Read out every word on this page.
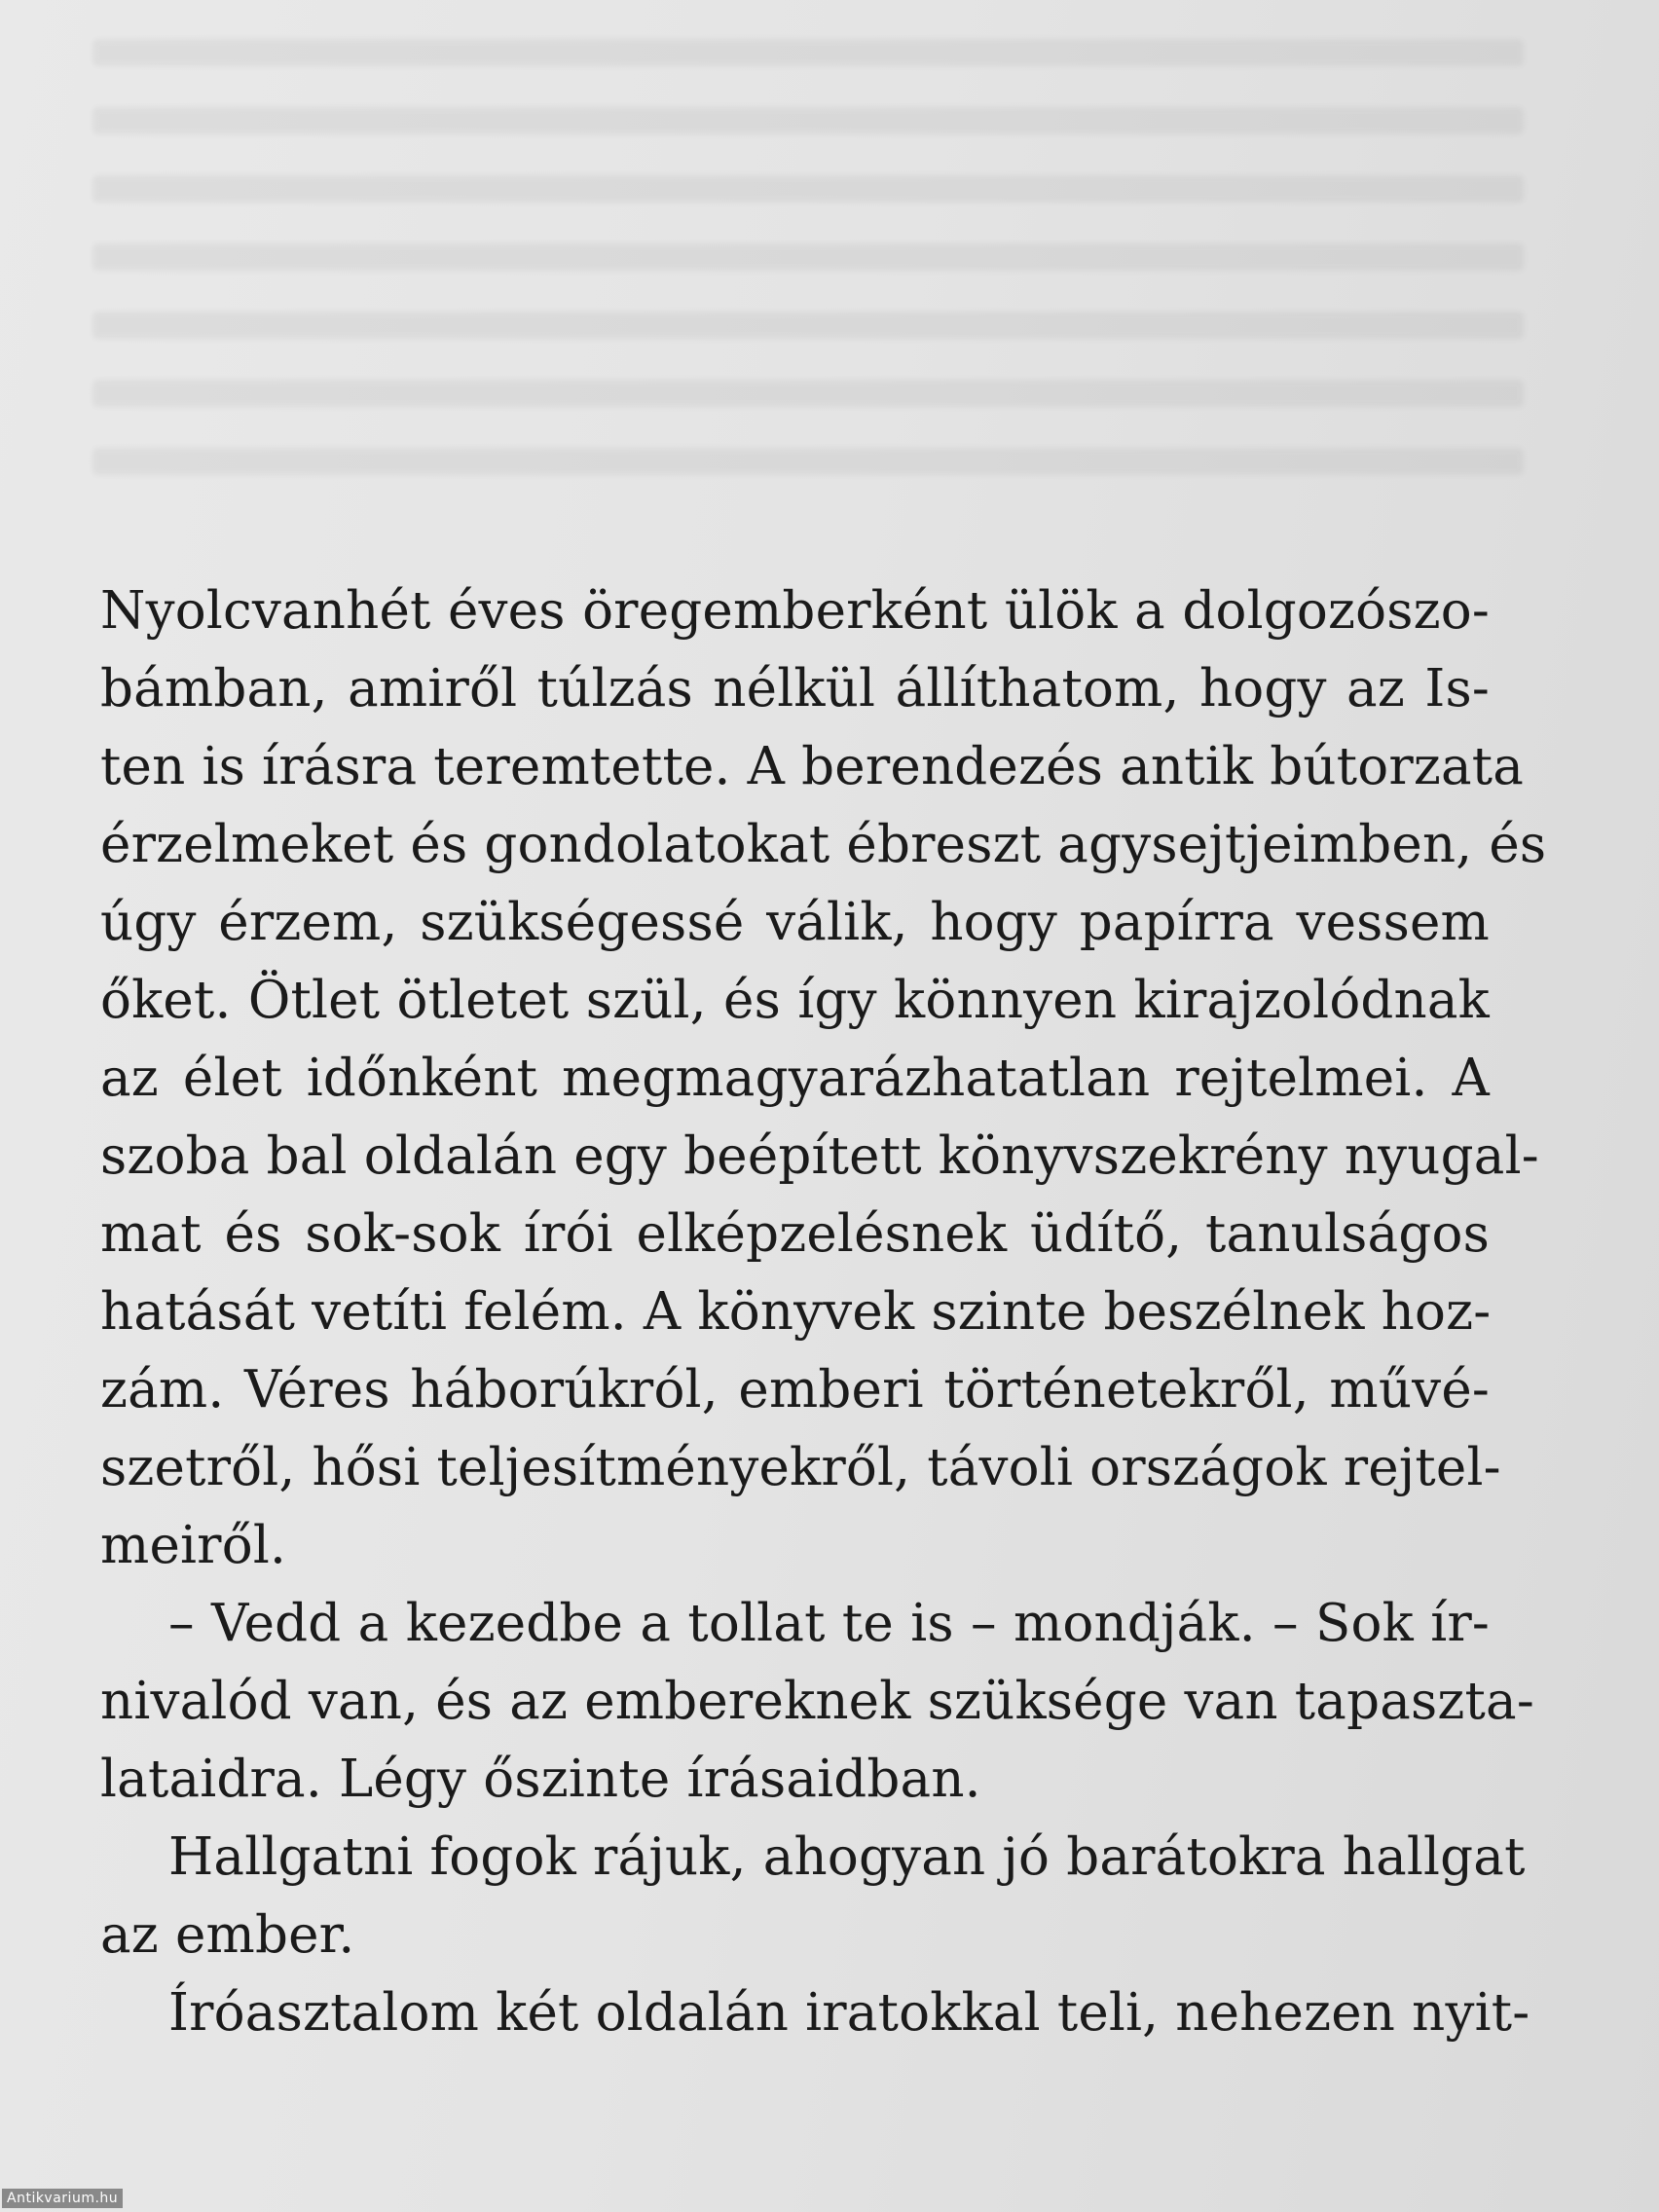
Nyolcvanhét éves öregemberként ülök a dolgozószo-
bámban, amiről túlzás nélkül állíthatom, hogy az Is-
ten is írásra teremtette. A berendezés antik bútorzata
érzelmeket és gondolatokat ébreszt agysejtjeimben, és
úgy érzem, szükségessé válik, hogy papírra vessem
őket. Ötlet ötletet szül, és így könnyen kirajzolódnak
az élet időnként megmagyarázhatatlan rejtelmei. A
szoba bal oldalán egy beépített könyvszekrény nyugal-
mat és sok-sok írói elképzelésnek üdítő, tanulságos
hatását vetíti felém. A könyvek szinte beszélnek hoz-
zám. Véres háborúkról, emberi történetekről, művé-
szetről, hősi teljesítményekről, távoli országok rejtel-
meiről.
– Vedd a kezedbe a tollat te is – mondják. – Sok ír-
nivalód van, és az embereknek szüksége van tapaszta-
lataidra. Légy őszinte írásaidban.
Hallgatni fogok rájuk, ahogyan jó barátokra hallgat
az ember.
Íróasztalom két oldalán iratokkal teli, nehezen nyit-
Antikvarium.hu
